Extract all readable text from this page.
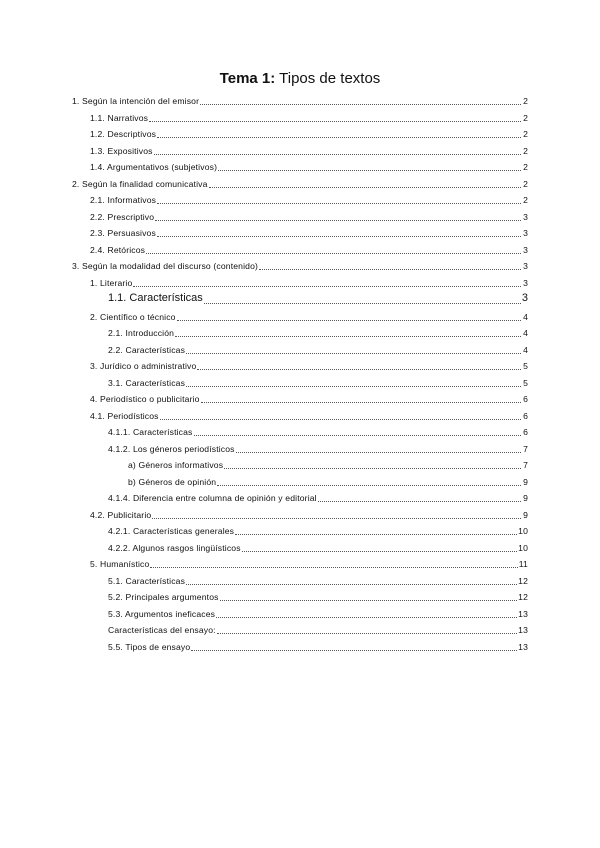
Tema 1: Tipos de textos
1. Según la intención del emisor	2
1.1. Narrativos	2
1.2. Descriptivos	2
1.3. Expositivos	2
1.4. Argumentativos (subjetivos)	2
2. Según la finalidad comunicativa	2
2.1. Informativos	2
2.2. Prescriptivo	3
2.3. Persuasivos	3
2.4. Retóricos	3
3. Según la modalidad del discurso (contenido)	3
1. Literario	3
1.1. Características	3
2. Científico o técnico	4
2.1. Introducción	4
2.2. Características	4
3. Jurídico o administrativo	5
3.1. Características	5
4. Periodístico o publicitario	6
4.1. Periodísticos	6
4.1.1. Características	6
4.1.2. Los géneros periodísticos	7
a) Géneros informativos	7
b) Géneros de opinión	9
4.1.4. Diferencia entre columna de opinión y editorial	9
4.2. Publicitario	9
4.2.1. Características generales	10
4.2.2. Algunos rasgos lingüísticos	10
5. Humanístico	11
5.1. Características	12
5.2. Principales argumentos	12
5.3. Argumentos ineficaces	13
Características del ensayo:	13
5.5. Tipos de ensayo	13
